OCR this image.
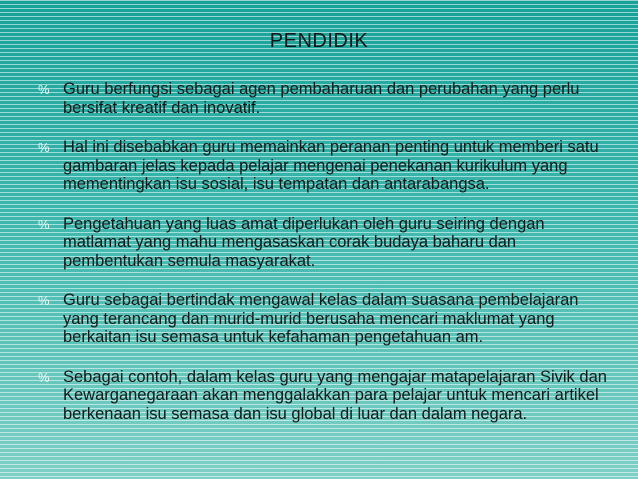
PENDIDIK
% Guru berfungsi sebagai agen pembaharuan dan perubahan yang perlu bersifat kreatif dan inovatif.
% Hal ini disebabkan guru memainkan peranan penting untuk memberi satu gambaran jelas kepada pelajar mengenai penekanan kurikulum yang mementingkan isu sosial, isu tempatan dan antarabangsa.
% Pengetahuan yang luas amat diperlukan oleh guru seiring dengan matlamat yang mahu mengasaskan corak budaya baharu dan pembentukan semula masyarakat.
% Guru sebagai bertindak mengawal kelas dalam suasana pembelajaran yang terancang dan murid-murid berusaha mencari maklumat yang berkaitan isu semasa untuk kefahaman pengetahuan am.
% Sebagai contoh, dalam kelas guru yang mengajar matapelajaran Sivik dan Kewarganegaraan akan menggalakkan para pelajar untuk mencari artikel berkenaan isu semasa dan isu global di luar dan dalam negara.
